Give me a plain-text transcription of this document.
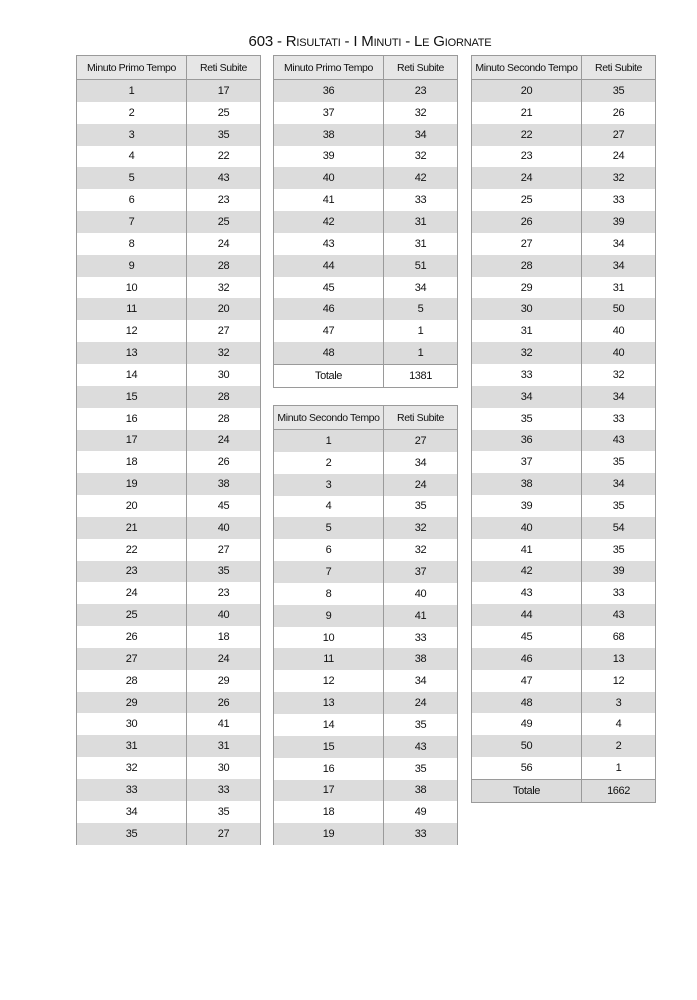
603 - Risultati - I Minuti - Le Giornate
Minuto Primo Tempo	Reti Subite
1	17
2	25
3	35
4	22
5	43
6	23
7	25
8	24
9	28
10	32
11	20
12	27
13	32
14	30
15	28
16	28
17	24
18	26
19	38
20	45
21	40
22	27
23	35
24	23
25	40
26	18
27	24
28	29
29	26
30	41
31	31
32	30
33	33
34	35
35	27
Minuto Primo Tempo	Reti Subite
36	23
37	32
38	34
39	32
40	42
41	33
42	31
43	31
44	51
45	34
46	5
47	1
48	1
Totale	1381
Minuto Secondo Tempo	Reti Subite
1	27
2	34
3	24
4	35
5	32
6	32
7	37
8	40
9	41
10	33
11	38
12	34
13	24
14	35
15	43
16	35
17	38
18	49
19	33
Minuto Secondo Tempo	Reti Subite
20	35
21	26
22	27
23	24
24	32
25	33
26	39
27	34
28	34
29	31
30	50
31	40
32	40
33	32
34	34
35	33
36	43
37	35
38	34
39	35
40	54
41	35
42	39
43	33
44	43
45	68
46	13
47	12
48	3
49	4
50	2
56	1
Totale	1662
